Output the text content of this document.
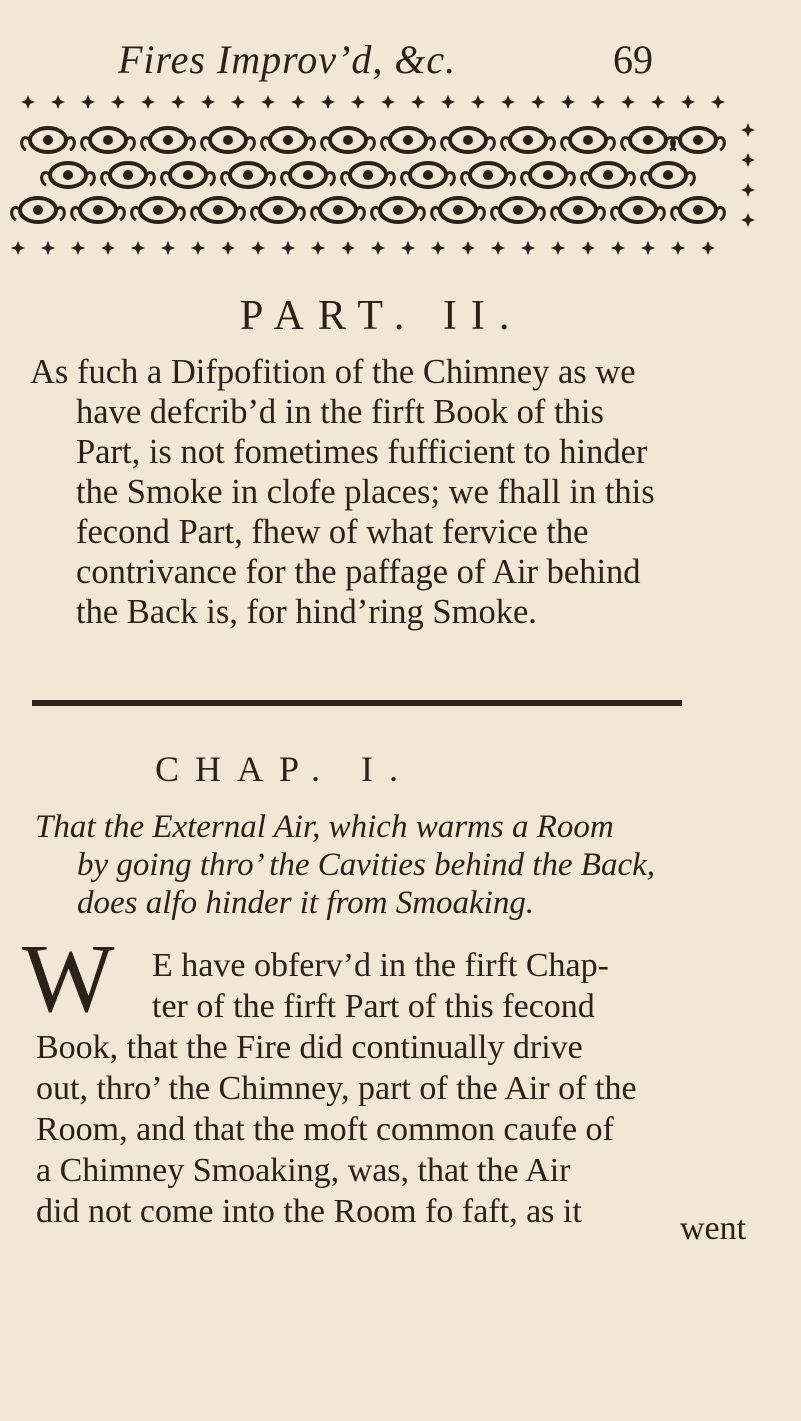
Fires Improv’d, &c.	69
PART. II.
As fuch a Difpofition of the Chimney as we
have defcrib’d in the firft Book of this
Part, is not fometimes fufficient to hinder
the Smoke in clofe places; we fhall in this
fecond Part, fhew of what fervice the
contrivance for the paffage of Air behind
the Back is, for hind’ring Smoke.
CHAP. I.
That the External Air, which warms a Room
by going thro’ the Cavities behind the Back,
does alfo hinder it from Smoaking.
W	E have obferv’d in the firft Chap-
ter of the firft Part of this fecond
Book, that the Fire did continually drive
out, thro’ the Chimney, part of the Air of the
Room, and that the moft common caufe of
a Chimney Smoaking, was, that the Air
did not come into the Room fo faft, as it	went
